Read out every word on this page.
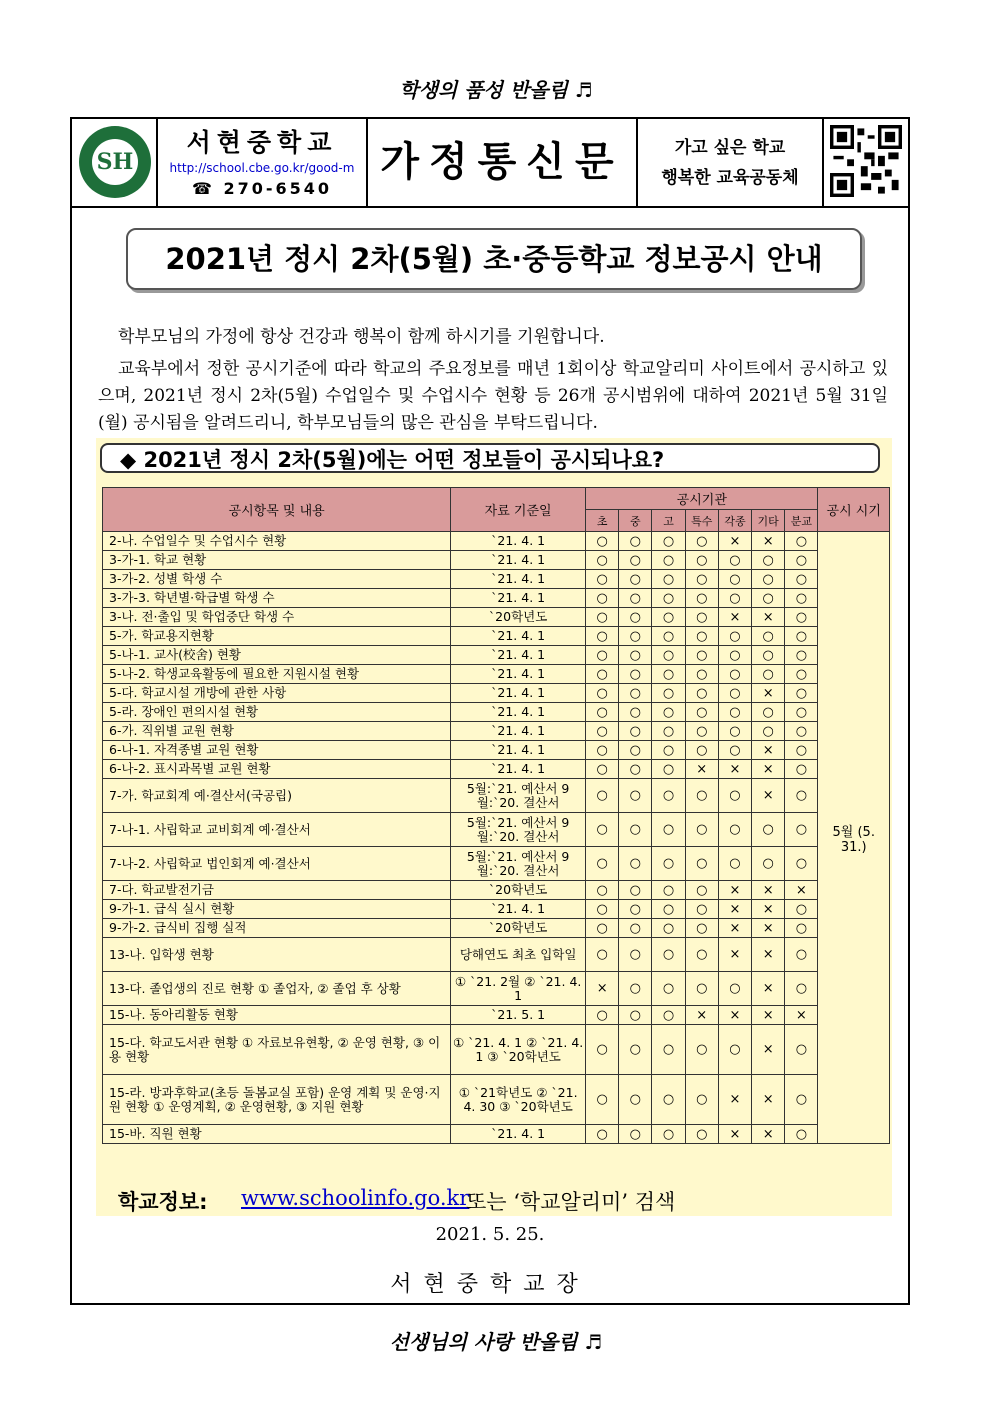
학생의 품성 반올림 ♬
SH
서현중학교
http://school.cbe.go.kr/good-m
☎ 270-6540
가정통신문	가고 싶은 학교
행복한 교육공동체
2021년 정시 2차(5월) 초·중등학교 정보공시 안내
학부모님의 가정에 항상 건강과 행복이 함께 하시기를 기원합니다.
교육부에서 정한 공시기준에 따라 학교의 주요정보를 매년 1회이상 학교알리미 사이트에서 공시하고 있으며, 2021년 정시 2차(5월) 수업일수 및 수업시수 현황 등 26개 공시범위에 대하여 2021년 5월 31일(월) 공시됨을 알려드리니, 학부모님들의 많은 관심을 부탁드립니다.
◆ 2021년 정시 2차(5월)에는 어떤 정보들이 공시되나요?
공시항목 및 내용	자료 기준일	공시기관							공시 시기
		초	중	고	특수	각종	기타	분교	
2-나. 수업일수 및 수업시수 현황	`21. 4. 1	○	○	○	○	×	×	○	5월 (5. 31.)
3-가-1. 학교 현황	`21. 4. 1	○	○	○	○	○	○	○	
3-가-2. 성별 학생 수	`21. 4. 1	○	○	○	○	○	○	○	
3-가-3. 학년별·학급별 학생 수	`21. 4. 1	○	○	○	○	○	○	○	
3-나. 전·출입 및 학업중단 학생 수	`20학년도	○	○	○	○	×	×	○	
5-가. 학교용지현황	`21. 4. 1	○	○	○	○	○	○	○	
5-나-1. 교사(校舍) 현황	`21. 4. 1	○	○	○	○	○	○	○	
5-나-2. 학생교육활동에 필요한 지원시설 현황	`21. 4. 1	○	○	○	○	○	○	○	
5-다. 학교시설 개방에 관한 사항	`21. 4. 1	○	○	○	○	○	×	○	
5-라. 장애인 편의시설 현황	`21. 4. 1	○	○	○	○	○	○	○	
6-가. 직위별 교원 현황	`21. 4. 1	○	○	○	○	○	○	○	
6-나-1. 자격종별 교원 현황	`21. 4. 1	○	○	○	○	○	×	○	
6-나-2. 표시과목별 교원 현황	`21. 4. 1	○	○	○	×	×	×	○	
7-가. 학교회계 예·결산서(국공립)	5월:`21. 예산서 9월:`20. 결산서	○	○	○	○	○	×	○	
7-나-1. 사립학교 교비회계 예·결산서	5월:`21. 예산서 9월:`20. 결산서	○	○	○	○	○	○	○	
7-나-2. 사립학교 법인회계 예·결산서	5월:`21. 예산서 9월:`20. 결산서	○	○	○	○	○	○	○	
7-다. 학교발전기금	`20학년도	○	○	○	○	×	×	×	
9-가-1. 급식 실시 현황	`21. 4. 1	○	○	○	○	×	×	○	
9-가-2. 급식비 집행 실적	`20학년도	○	○	○	○	×	×	○	
13-나. 입학생 현황	당해연도 최초 입학일	○	○	○	○	×	×	○	
13-다. 졸업생의 진로 현황 ① 졸업자, ② 졸업 후 상황	① `21. 2월 ② `21. 4. 1	×	○	○	○	○	×	○	
15-나. 동아리활동 현황	`21. 5. 1	○	○	○	×	×	×	×	
15-다. 학교도서관 현황 ① 자료보유현황, ② 운영 현황, ③ 이용 현황	① `21. 4. 1 ② `21. 4. 1 ③ `20학년도	○	○	○	○	○	×	○	
15-라. 방과후학교(초등 돌봄교실 포함) 운영 계획 및 운영·지원 현황 ① 운영계획, ② 운영현황, ③ 지원 현황	① `21학년도 ② `21. 4. 30 ③ `20학년도	○	○	○	○	×	×	○	
15-바. 직원 현황	`21. 4. 1	○	○	○	○	×	×	○	
학교정보: www.schoolinfo.go.kr
또는 ‘학교알리미’ 검색
2021. 5. 25.
서현중학교장
선생님의 사랑 반올림 ♬
